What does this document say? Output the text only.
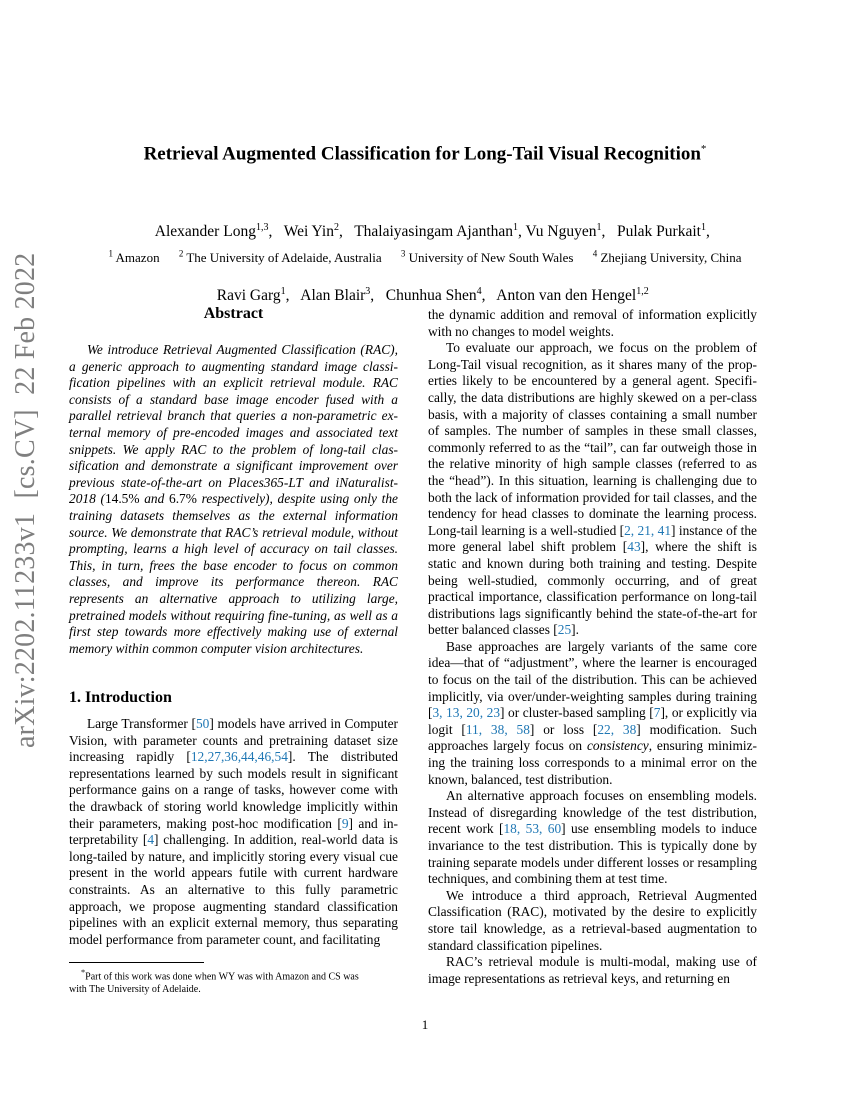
arXiv:2202.11233v1  [cs.CV]  22 Feb 2022
Retrieval Augmented Classification for Long-Tail Visual Recognition*

Alexander Long$^{1,3}$,   Wei Yin$^2$,   Thalaiyasingam Ajanthan$^1$, Vu Nguyen$^1$,   Pulak Purkait$^1$,

Ravi Garg$^1$,   Alan Blair$^3$,   Chunhua Shen$^4$,   Anton van den Hengel$^{1,2}$

$^1$ Amazon $^2$ The University of Adelaide, Australia $^3$ University of New South Wales $^4$ Zhejiang University, China
Abstract

We introduce Retrieval Augmented Classification (RAC), a generic approach to augmenting standard image classification pipelines with an explicit retrieval module. RAC consists of a standard base image encoder fused with a parallel retrieval branch that queries a non-parametric external memory of pre-encoded images and associated text snippets. We apply RAC to the problem of long-tail classification and demonstrate a significant improvement over previous state-of-the-art on Places365-LT and iNaturalist-2018 (14.5% and 6.7% respectively), despite using only the training datasets themselves as the external information source. We demonstrate that RAC’s retrieval module, without prompting, learns a high level of accuracy on tail classes. This, in turn, frees the base encoder to focus on common classes, and improve its performance thereon. RAC represents an alternative approach to utilizing large, pretrained models without requiring fine-tuning, as well as a first step towards more effectively making use of external memory within common computer vision architectures.

1. Introduction

Large Transformer [50] models have arrived in Computer Vision, with parameter counts and pretraining dataset size increasing rapidly [12,27,36,44,46,54]. The distributed representations learned by such models result in significant performance gains on a range of tasks, however come with the drawback of storing world knowledge implicitly within their parameters, making post-hoc modification [9] and interpretability [4] challenging. In addition, real-world data is long-tailed by nature, and implicitly storing every visual cue present in the world appears futile with current hardware constraints. As an alternative to this fully parametric approach, we propose augmenting standard classification pipelines with an explicit external memory, thus separating model performance from parameter count, and facilitating

*Part of this work was done when WY was with Amazon and CS was
with The University of Adelaide.

the dynamic addition and removal of information explicitly with no changes to model weights.

To evaluate our approach, we focus on the problem of Long-Tail visual recognition, as it shares many of the properties likely to be encountered by a general agent. Specifically, the data distributions are highly skewed on a per-class basis, with a majority of classes containing a small number of samples. The number of samples in these small classes, commonly referred to as the “tail”, can far outweigh those in the relative minority of high sample classes (referred to as the “head”). In this situation, learning is challenging due to both the lack of information provided for tail classes, and the tendency for head classes to dominate the learning process. Long-tail learning is a well-studied [2, 21, 41] instance of the more general label shift problem [43], where the shift is static and known during both training and testing. Despite being well-studied, commonly occurring, and of great practical importance, classification performance on long-tail distributions lags significantly behind the state-of-the-art for better balanced classes [25].

Base approaches are largely variants of the same core idea—that of “adjustment”, where the learner is encouraged to focus on the tail of the distribution. This can be achieved implicitly, via over/under-weighting samples during training [3, 13, 20, 23] or cluster-based sampling [7], or explicitly via logit [11, 38, 58] or loss [22, 38] modification. Such approaches largely focus on consistency, ensuring minimizing the training loss corresponds to a minimal error on the known, balanced, test distribution.

An alternative approach focuses on ensembling models. Instead of disregarding knowledge of the test distribution, recent work [18, 53, 60] use ensembling models to induce invariance to the test distribution. This is typically done by training separate models under different losses or resampling techniques, and combining them at test time.

We introduce a third approach, Retrieval Augmented Classification (RAC), motivated by the desire to explicitly store tail knowledge, as a retrieval-based augmentation to standard classification pipelines.

RAC’s retrieval module is multi-modal, making use of image representations as retrieval keys, and returning en

1
